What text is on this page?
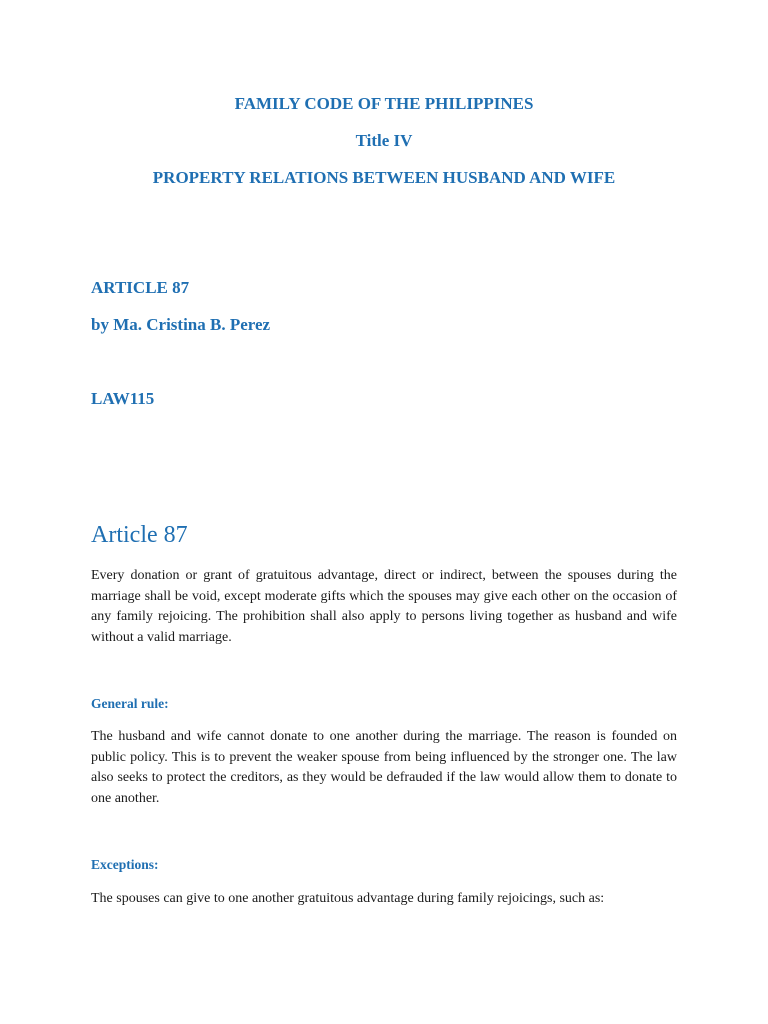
FAMILY CODE OF THE PHILIPPINES
Title IV
PROPERTY RELATIONS BETWEEN HUSBAND AND WIFE
ARTICLE 87
by Ma. Cristina B. Perez
LAW115
Article 87
Every donation or grant of gratuitous advantage, direct or indirect, between the spouses during the marriage shall be void, except moderate gifts which the spouses may give each other on the occasion of any family rejoicing. The prohibition shall also apply to persons living together as husband and wife without a valid marriage.
General rule:
The husband and wife cannot donate to one another during the marriage. The reason is founded on public policy. This is to prevent the weaker spouse from being influenced by the stronger one. The law also seeks to protect the creditors, as they would be defrauded if the law would allow them to donate to one another.
Exceptions:
The spouses can give to one another gratuitous advantage during family rejoicings, such as:
